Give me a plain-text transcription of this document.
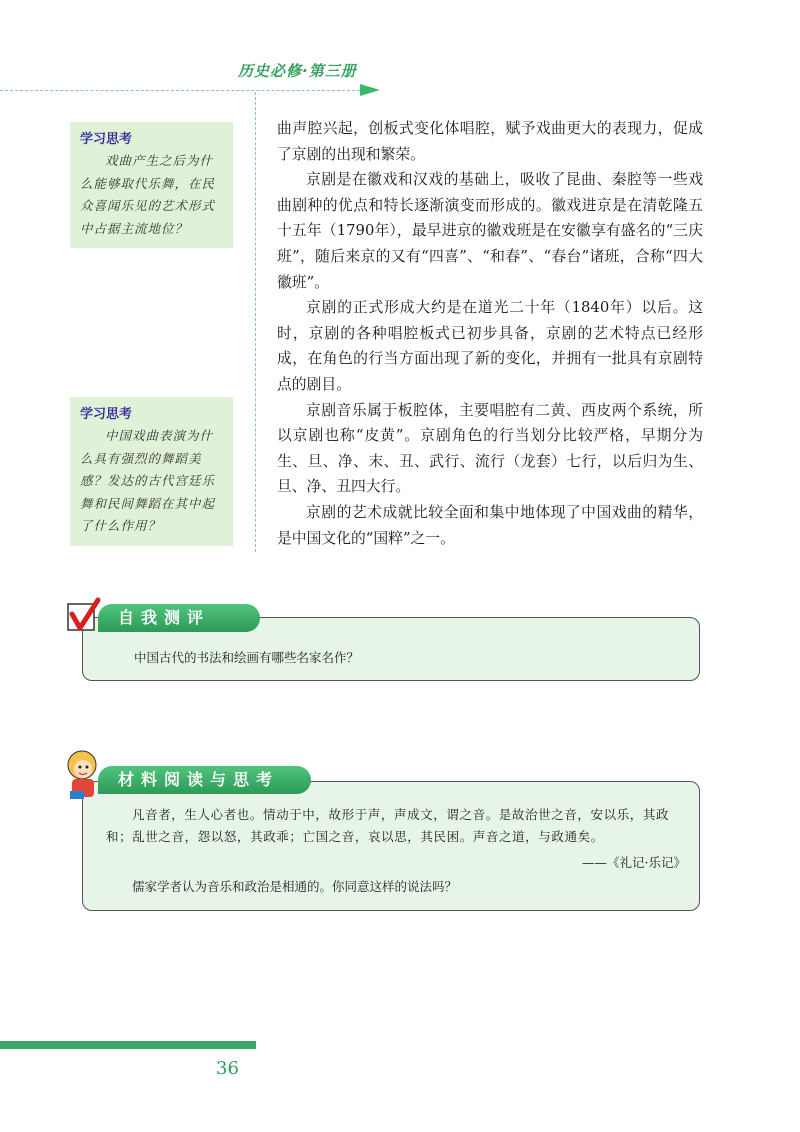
历史必修·第三册
学习思考
戏曲产生之后为什么能够取代乐舞，在民众喜闻乐见的艺术形式中占据主流地位？
学习思考
中国戏曲表演为什么具有强烈的舞蹈美感？发达的古代宫廷乐舞和民间舞蹈在其中起了什么作用？

曲声腔兴起，创板式变化体唱腔，赋予戏曲更大的表现力，促成了京剧的出现和繁荣。

京剧是在徽戏和汉戏的基础上，吸收了昆曲、秦腔等一些戏曲剧种的优点和特长逐渐演变而形成的。徽戏进京是在清乾隆五十五年（1790年），最早进京的徽戏班是在安徽享有盛名的“三庆班”，随后来京的又有“四喜”、“和春”、“春台”诸班，合称“四大徽班”。

京剧的正式形成大约是在道光二十年（1840年）以后。这时，京剧的各种唱腔板式已初步具备，京剧的艺术特点已经形成，在角色的行当方面出现了新的变化，并拥有一批具有京剧特点的剧目。

京剧音乐属于板腔体，主要唱腔有二黄、西皮两个系统，所以京剧也称“皮黄”。京剧角色的行当划分比较严格，早期分为生、旦、净、末、丑、武行、流行（龙套）七行，以后归为生、旦、净、丑四大行。

京剧的艺术成就比较全面和集中地体现了中国戏曲的精华，是中国文化的“国粹”之一。

自我测评
中国古代的书法和绘画有哪些名家名作？
材料阅读与思考
凡音者，生人心者也。情动于中，故形于声，声成文，谓之音。是故治世之音，安以乐，其政和；乱世之音，怨以怒，其政乖；亡国之音，哀以思，其民困。声音之道，与政通矣。
——《礼记·乐记》
儒家学者认为音乐和政治是相通的。你同意这样的说法吗？
36
